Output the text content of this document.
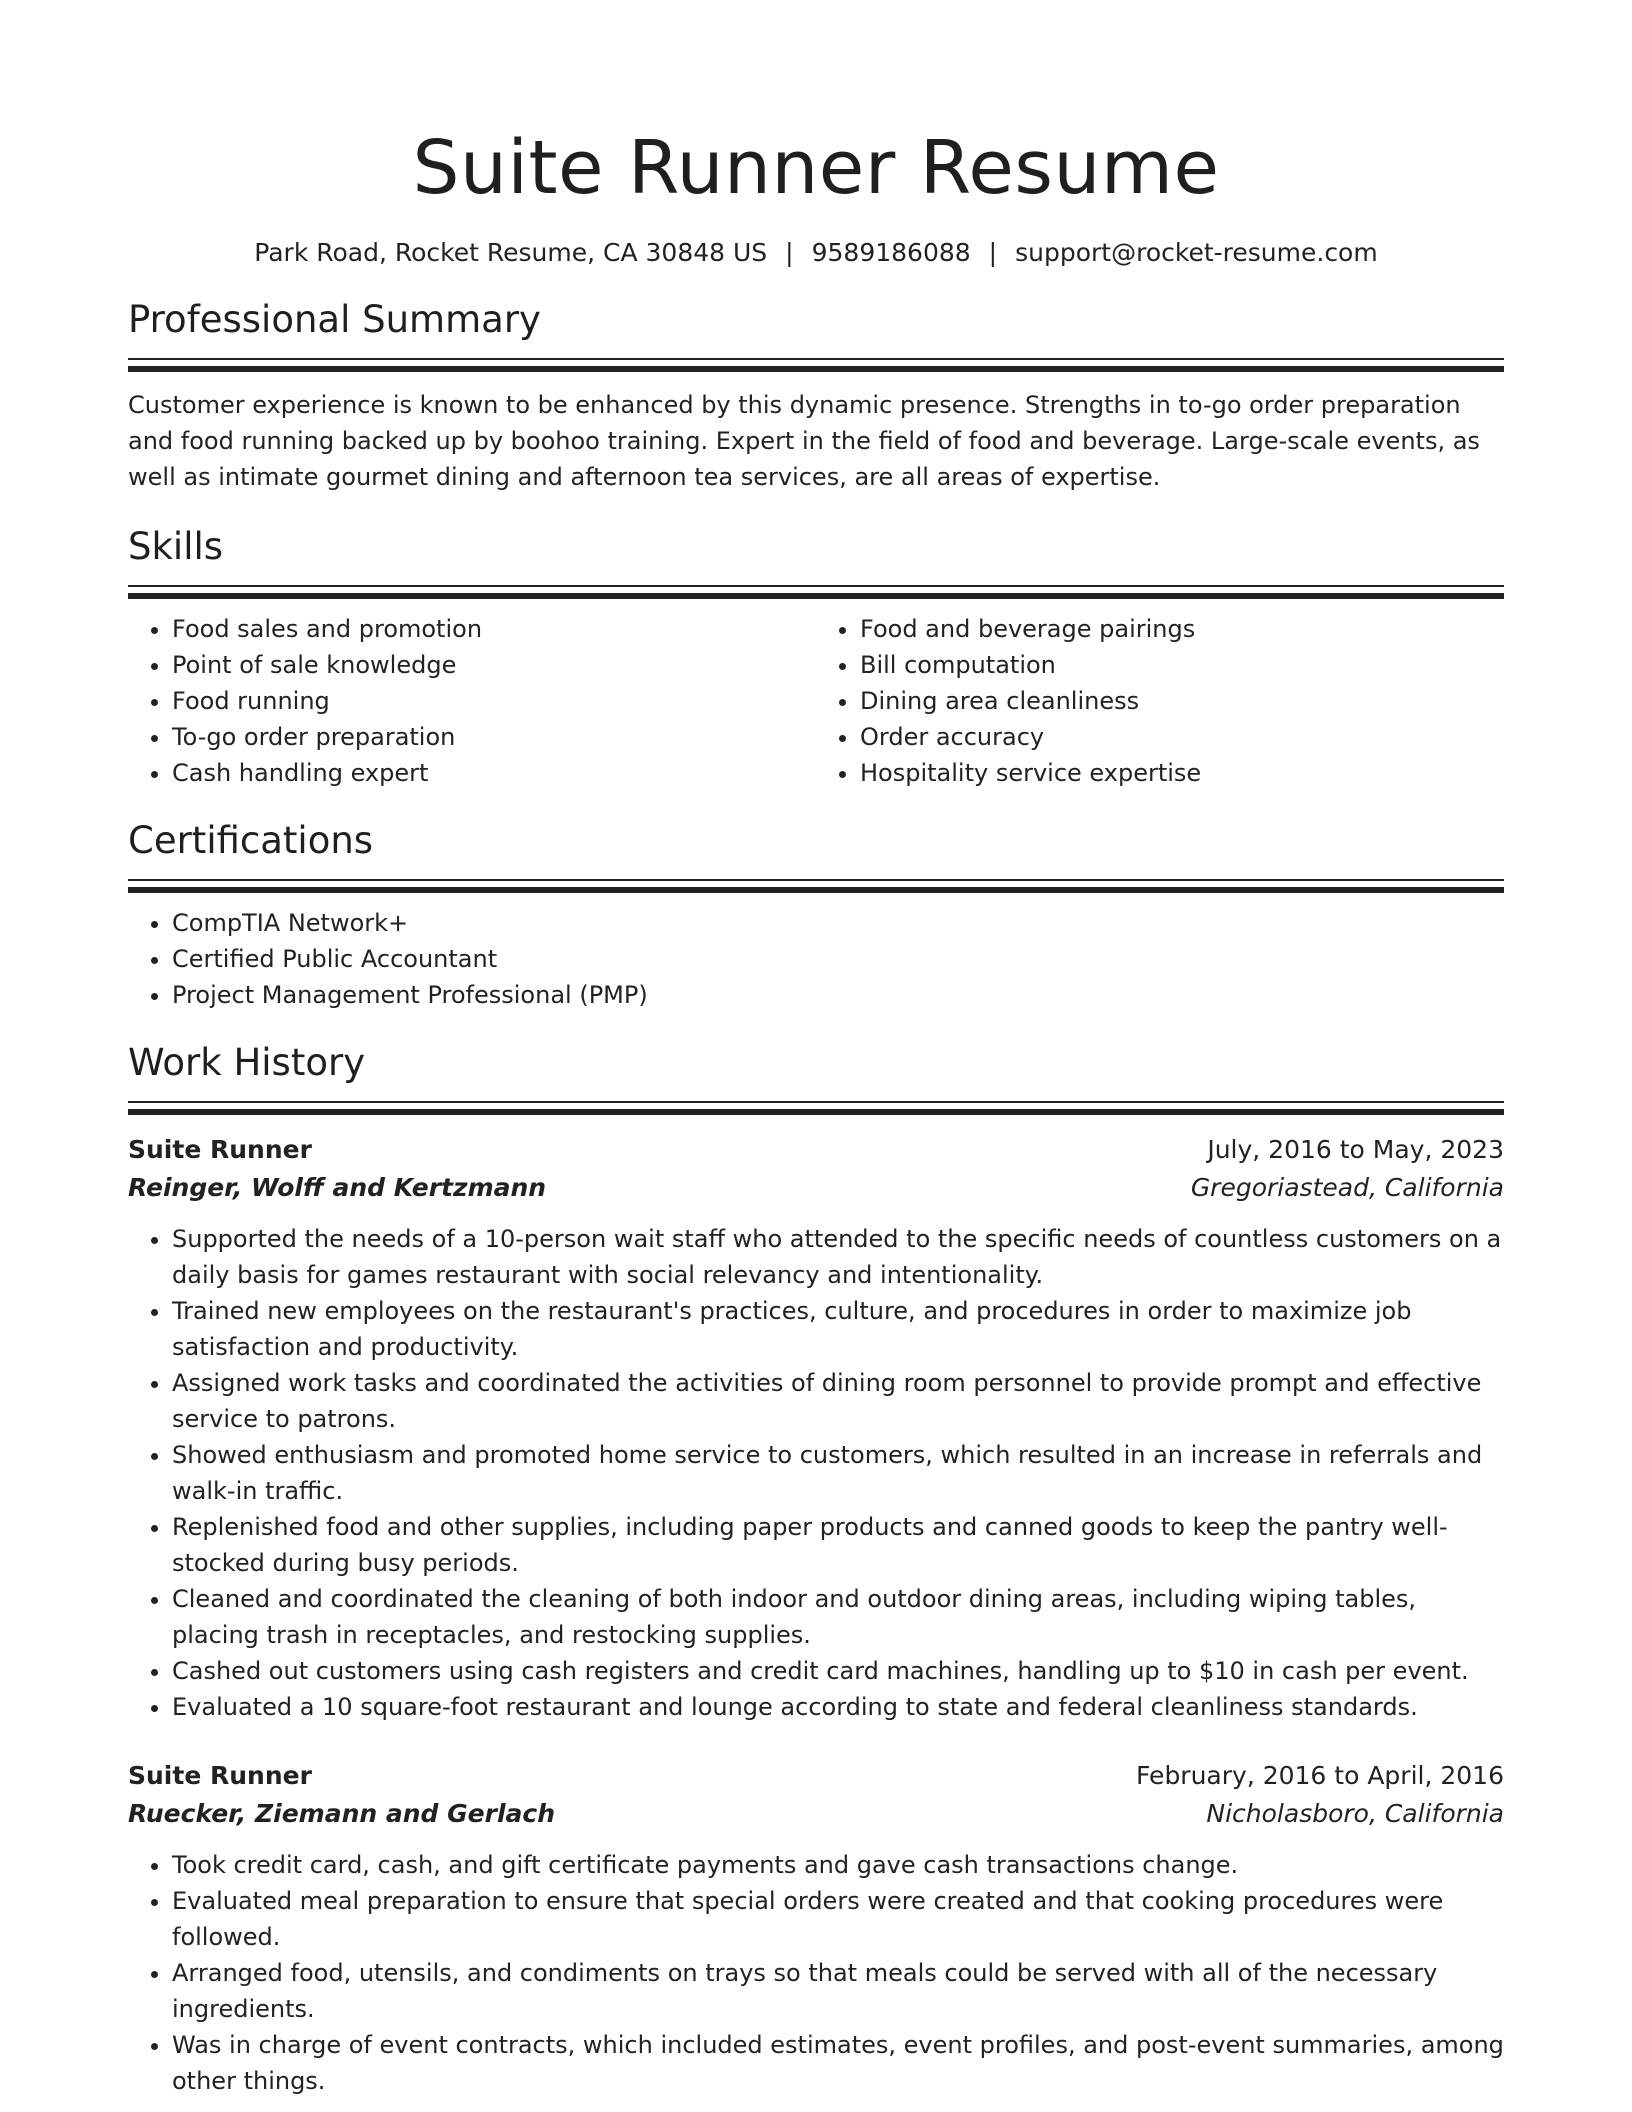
Suite Runner Resume
Park Road, Rocket Resume, CA 30848 US | 9589186088 | support@rocket-resume.com
Professional Summary

Customer experience is known to be enhanced by this dynamic presence. Strengths in to-go order preparation and food running backed up by boohoo training. Expert in the field of food and beverage. Large-scale events, as well as intimate gourmet dining and afternoon tea services, are all areas of expertise.

Skills
• Food sales and promotion
• Point of sale knowledge
• Food running
• To-go order preparation
• Cash handling expert
• Food and beverage pairings
• Bill computation
• Dining area cleanliness
• Order accuracy
• Hospitality service expertise
Certifications
• CompTIA Network+
• Certified Public Accountant
• Project Management Professional (PMP)
Work History
Suite Runner	July, 2016 to May, 2023
Reinger, Wolff and Kertzmann	Gregoriastead, California
• Supported the needs of a 10-person wait staff who attended to the specific needs of countless customers on a daily basis for games restaurant with social relevancy and intentionality.
• Trained new employees on the restaurant's practices, culture, and procedures in order to maximize job satisfaction and productivity.
• Assigned work tasks and coordinated the activities of dining room personnel to provide prompt and effective service to patrons.
• Showed enthusiasm and promoted home service to customers, which resulted in an increase in referrals and walk-in traffic.
• Replenished food and other supplies, including paper products and canned goods to keep the pantry well-stocked during busy periods.
• Cleaned and coordinated the cleaning of both indoor and outdoor dining areas, including wiping tables, placing trash in receptacles, and restocking supplies.
• Cashed out customers using cash registers and credit card machines, handling up to $10 in cash per event.
• Evaluated a 10 square-foot restaurant and lounge according to state and federal cleanliness standards.
Suite Runner	February, 2016 to April, 2016
Ruecker, Ziemann and Gerlach	Nicholasboro, California
• Took credit card, cash, and gift certificate payments and gave cash transactions change.
• Evaluated meal preparation to ensure that special orders were created and that cooking procedures were followed.
• Arranged food, utensils, and condiments on trays so that meals could be served with all of the necessary ingredients.
• Was in charge of event contracts, which included estimates, event profiles, and post-event summaries, among other things.
